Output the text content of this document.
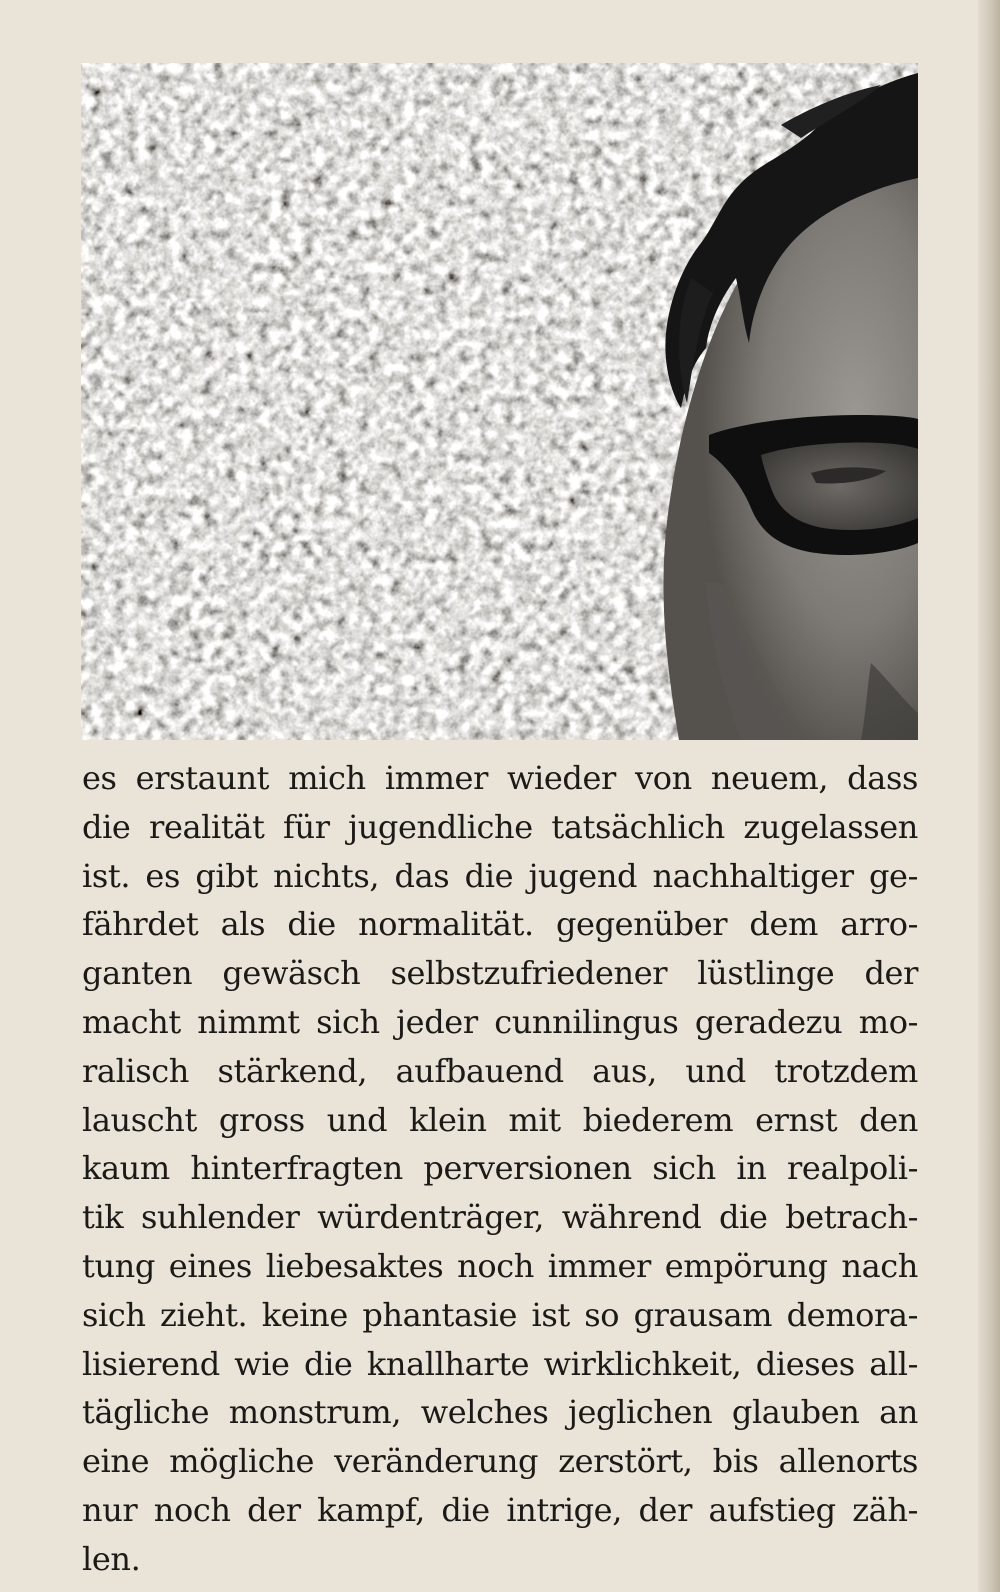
es erstaunt mich immer wieder von neuem, dass
die realität für jugendliche tatsächlich zugelassen
ist. es gibt nichts, das die jugend nachhaltiger ge-
fährdet als die normalität. gegenüber dem arro-
ganten gewäsch selbstzufriedener lüstlinge der
macht nimmt sich jeder cunnilingus geradezu mo-
ralisch stärkend, aufbauend aus, und trotzdem
lauscht gross und klein mit biederem ernst den
kaum hinterfragten perversionen sich in realpoli-
tik suhlender würdenträger, während die betrach-
tung eines liebesaktes noch immer empörung nach
sich zieht. keine phantasie ist so grausam demora-
lisierend wie die knallharte wirklichkeit, dieses all-
tägliche monstrum, welches jeglichen glauben an
eine mögliche veränderung zerstört, bis allenorts
nur noch der kampf, die intrige, der aufstieg zäh-
len.
